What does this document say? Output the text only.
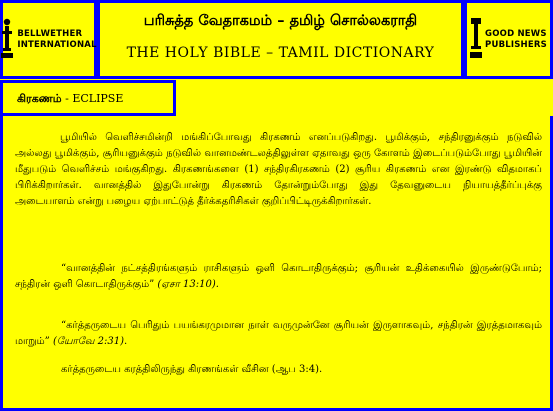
BELLWETHER
INTERNATIONAL
பரிசுத்த வேதாகமம் – தமிழ் சொல்லகராதி
THE HOLY BIBLE – TAMIL DICTIONARY
GOOD NEWS
PUBLISHERS
கிரகணம் - ECLIPSE
பூமியில் வெளிச்சமின்றி மங்கிப்போவது கிரகணம் எனப்படுகிறது. பூமிக்கும், சந்திரனுக்கும் நடுவில் அல்லது பூமிக்கும், சூரியனுக்கும் நடுவில் வானமண்டலத்திலுள்ள ஏதாவது ஒரு கோளம் இடைப்படும்போது பூமியின் மீதுபடும் வெளிச்சம் மங்குகிறது. கிரகணங்களை (1) சந்திரகிரகணம் (2) சூரிய கிரகணம் என இரண்டு விதமாகப் பிரிக்கிறார்கள். வானத்தில் இதுபோன்று கிரகணம் தோன்றும்போது இது தேவனுடைய நியாயத்தீர்ப்புக்கு அடையாளம் என்று பழைய ஏற்பாட்டுத் தீர்க்கதரிசிகள் குறிப்பிட்டிருக்கிறார்கள்.
“வானத்தின் நட்சத்திரங்களும் ராசிகளும் ஒளி கொடாதிருக்கும்; சூரியன் உதிக்கையில் இருண்டுபோம்; சந்திரன் ஒளி கொடாதிருக்கும்” (ஏசா 13:10).
“கர்த்தருடைய பெரிதும் பயங்கரமுமான நாள் வருமுன்னே சூரியன் இருளாகவும், சந்திரன் இரத்தமாகவும் மாறும்” (யோவே 2:31).
கர்த்தருடைய கரத்திலிருந்து கிரணங்கள் வீசின (ஆப 3:4).
